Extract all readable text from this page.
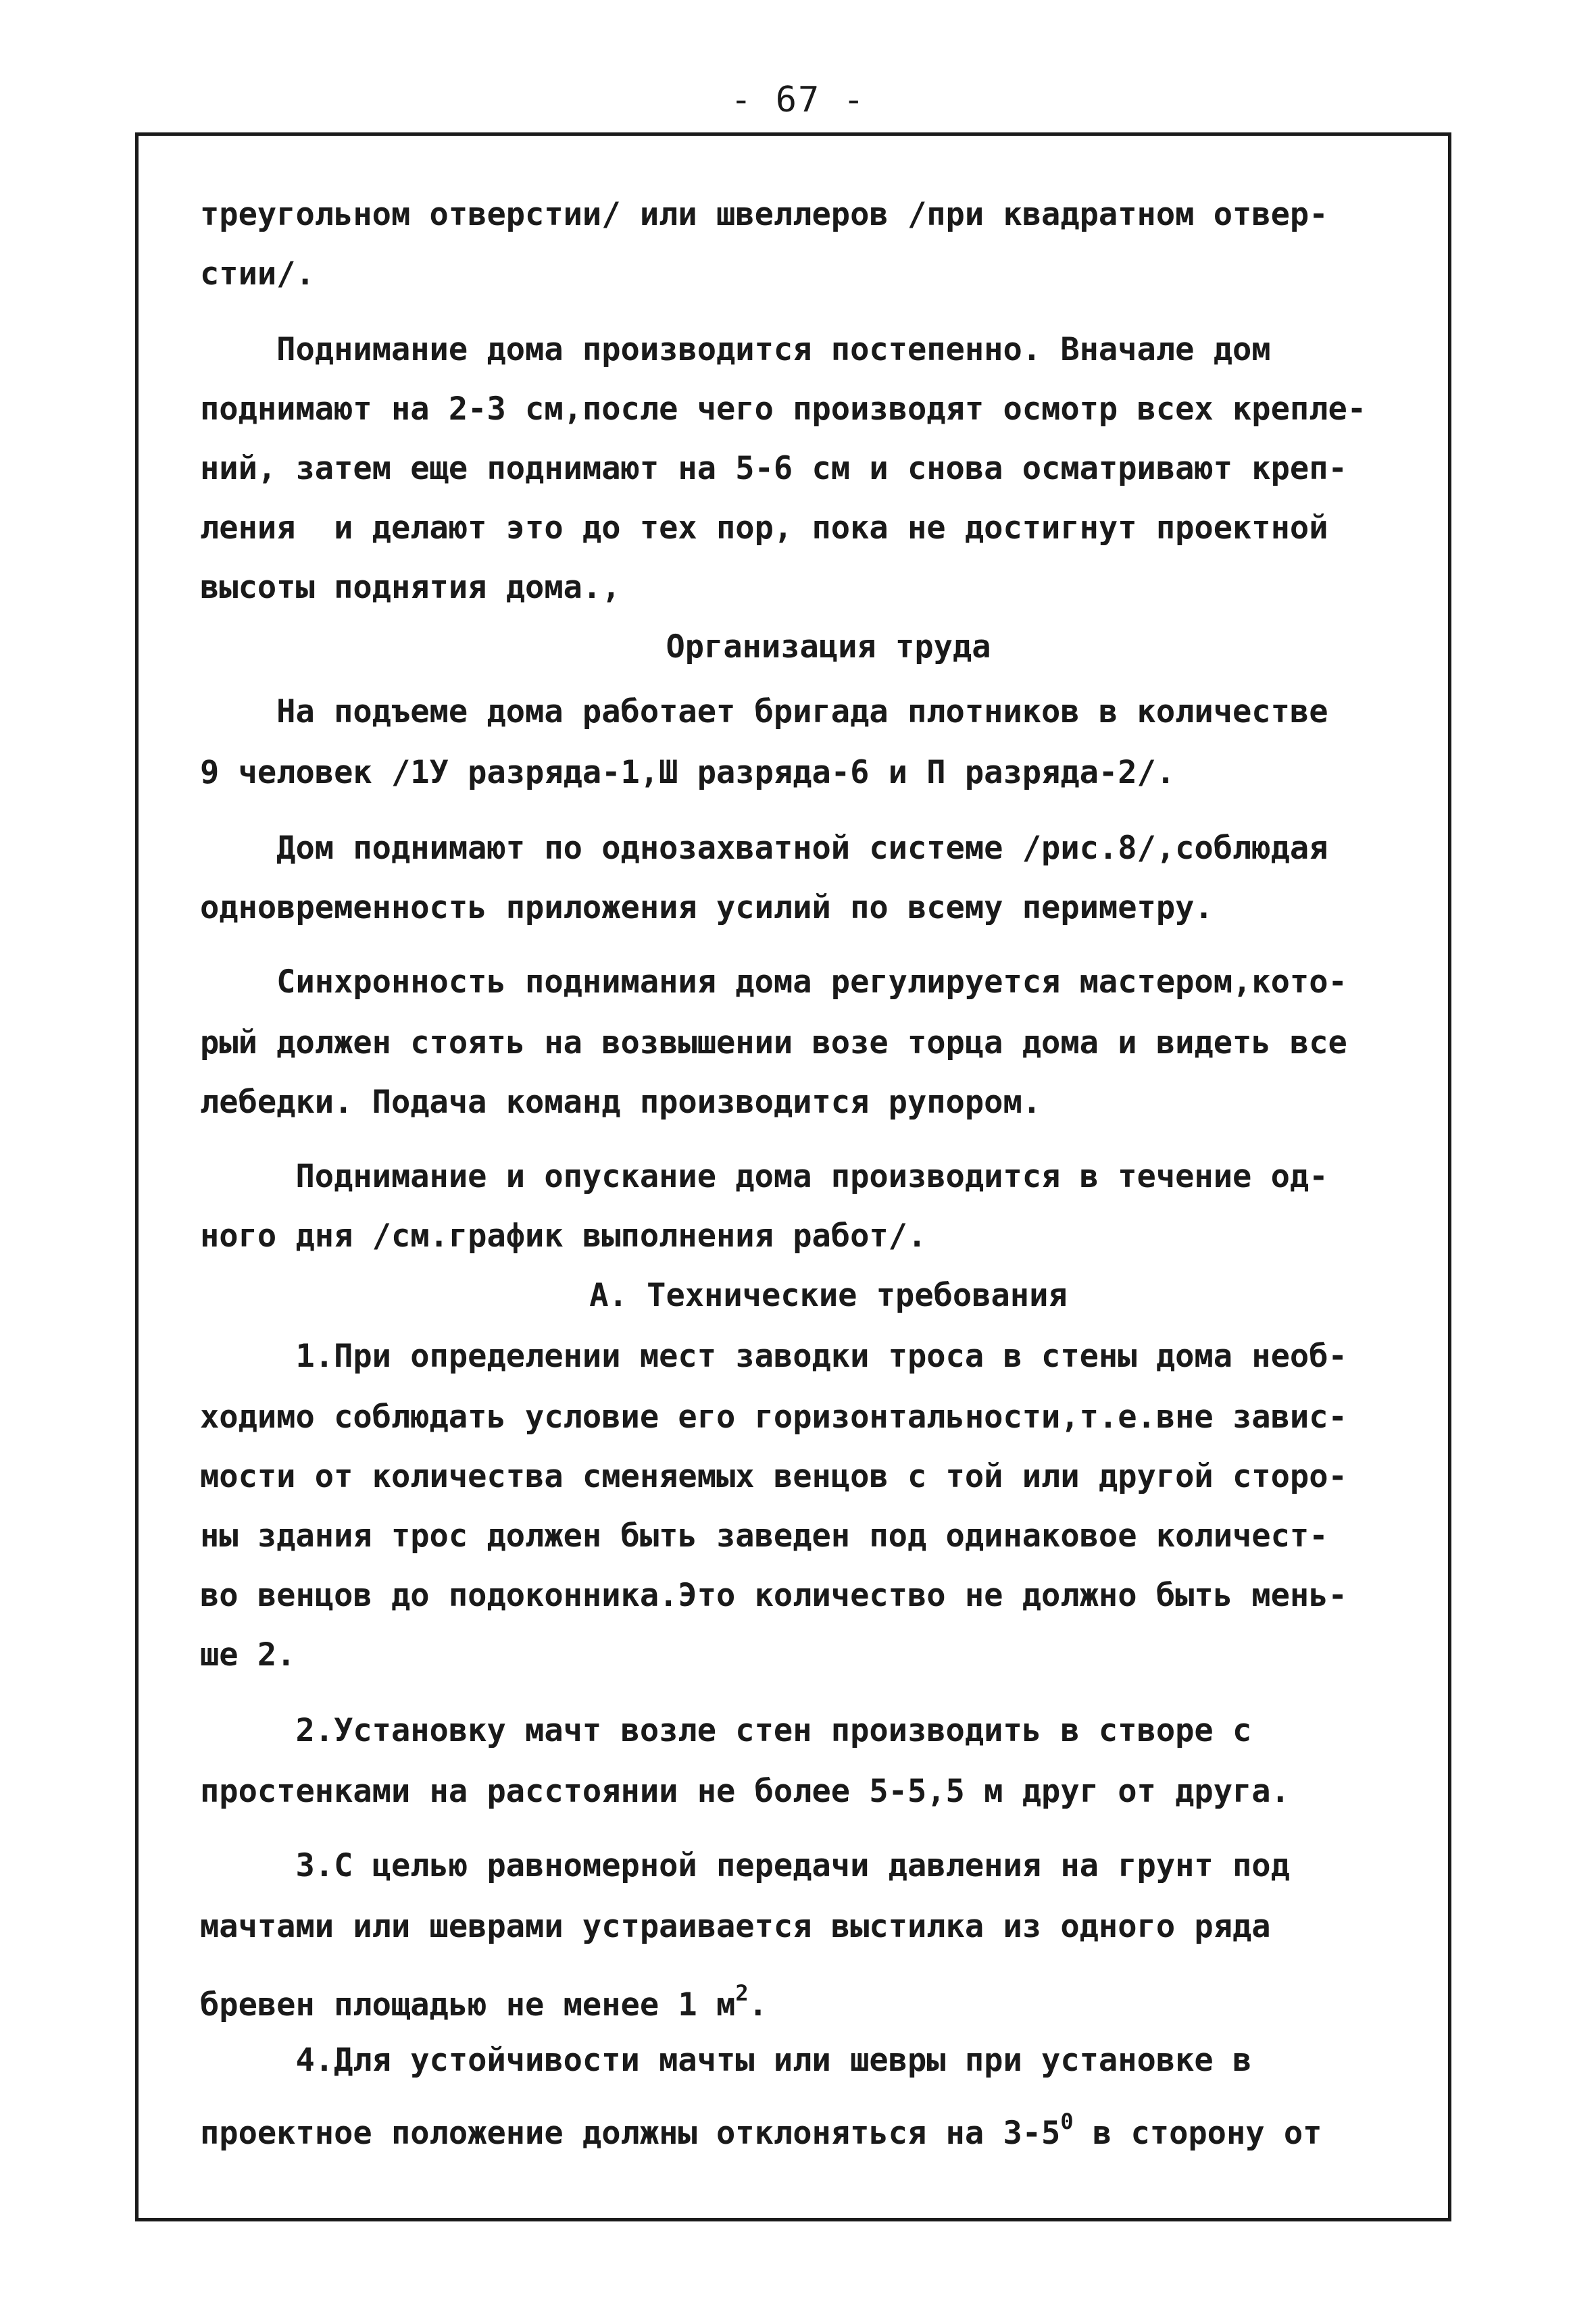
- 67 -
треугольном отверстии/ или швеллеров /при квадратном отвер-
стии/.
Поднимание дома производится постепенно. Вначале дом
поднимают на 2-3 см,после чего производят осмотр всех крепле-
ний, затем еще поднимают на 5-6 см и снова осматривают креп-
ления  и делают это до тех пор, пока не достигнут проектной
высоты поднятия дома.,
Организация труда
На подъеме дома работает бригада плотников в количестве
9 человек /1У разряда-1,Ш разряда-6 и П разряда-2/.
Дом поднимают по однозахватной системе /рис.8/,соблюдая
одновременность приложения усилий по всему периметру.
Синхронность поднимания дома регулируется мастером,кото-
рый должен стоять на возвышении возе торца дома и видеть все
лебедки. Подача команд производится рупором.
Поднимание и опускание дома производится в течение од-
ного дня /см.график выполнения работ/.
А. Технические требования
1.При определении мест заводки троса в стены дома необ-
ходимо соблюдать условие его горизонтальности,т.е.вне завис-
мости от количества сменяемых венцов с той или другой сторо-
ны здания трос должен быть заведен под одинаковое количест-
во венцов до подоконника.Это количество не должно быть мень-
ше 2.
2.Установку мачт возле стен производить в створе с
простенками на расстоянии не более 5-5,5 м друг от друга.
3.С целью равномерной передачи давления на грунт под
мачтами или шеврами устраивается выстилка из одного ряда
бревен площадью не менее 1 $м^2$.
4.Для устойчивости мачты или шевры при установке в
проектное положение должны отклоняться на $3-5^0$ в сторону от
